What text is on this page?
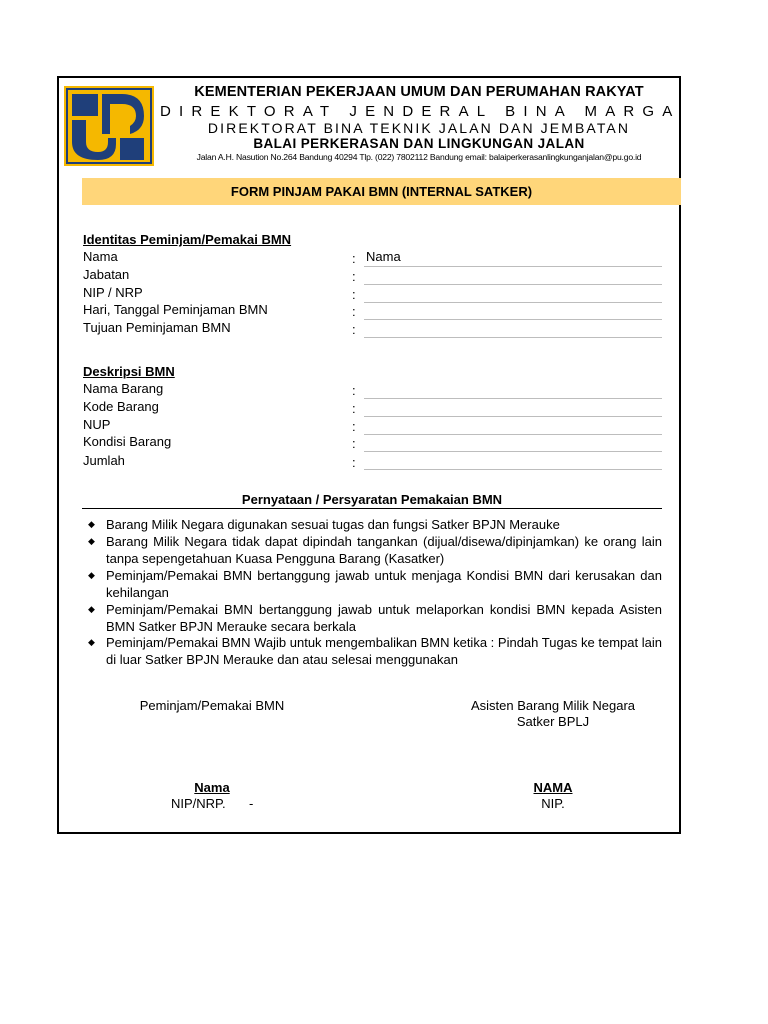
KEMENTERIAN PEKERJAAN UMUM DAN PERUMAHAN RAKYAT
DIREKTORAT JENDERAL BINA MARGA
DIREKTORAT BINA TEKNIK JALAN DAN JEMBATAN
BALAI PERKERASAN DAN LINGKUNGAN JALAN
Jalan A.H. Nasution No.264 Bandung 40294 Tlp. (022) 7802112 Bandung email: balaiperkerasanlingkunganjalan@pu.go.id
FORM PINJAM PAKAI BMN (INTERNAL SATKER)
Identitas Peminjam/Pemakai BMN
Nama	: Nama
Jabatan	:
NIP / NRP	:
Hari, Tanggal Peminjaman BMN	:
Tujuan Peminjaman BMN	:
Deskripsi BMN
Nama Barang	:
Kode Barang	:
NUP	:
Kondisi Barang	:
Jumlah	:
Pernyataan / Persyaratan Pemakaian BMN
◆ Barang Milik Negara digunakan sesuai tugas dan fungsi Satker BPJN Merauke
◆ Barang Milik Negara tidak dapat dipindah tangankan (dijual/disewa/dipinjamkan) ke orang lain tanpa sepengetahuan Kuasa Pengguna Barang (Kasatker)
◆ Peminjam/Pemakai BMN bertanggung jawab untuk menjaga Kondisi BMN dari kerusakan dan kehilangan
◆ Peminjam/Pemakai BMN bertanggung jawab untuk melaporkan kondisi BMN kepada Asisten BMN Satker BPJN Merauke secara berkala
◆ Peminjam/Pemakai BMN Wajib untuk mengembalikan BMN ketika : Pindah Tugas ke tempat lain di luar Satker BPJN Merauke dan atau selesai menggunakan
Peminjam/Pemakai BMN	Asisten Barang Milik Negara
Satker BPLJ
Nama	NAMA
NIP/NRP. -	NIP.
